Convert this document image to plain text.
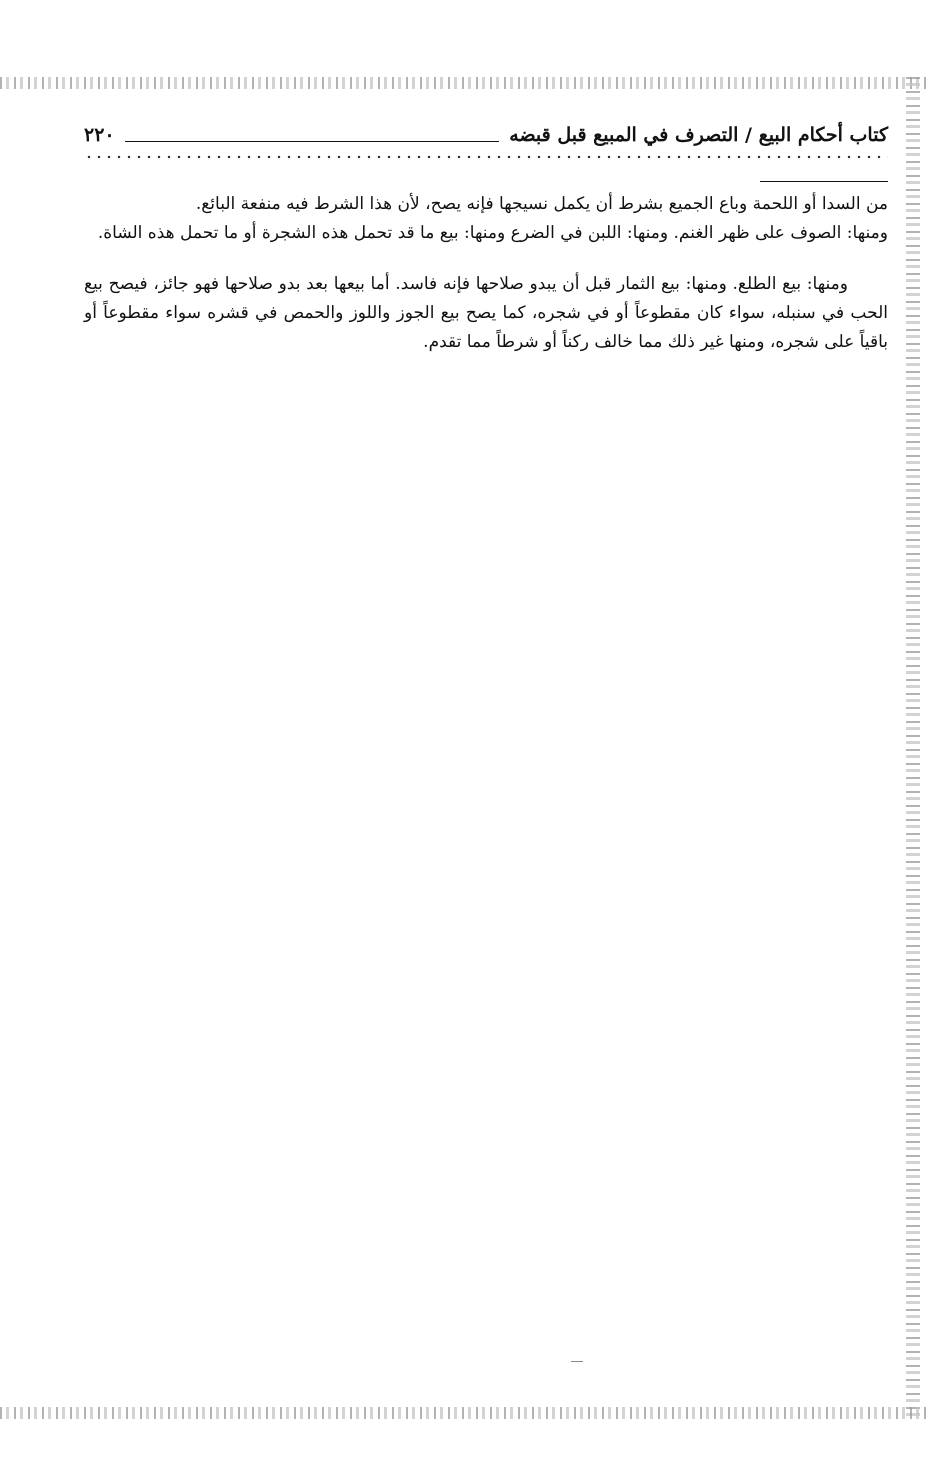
كتاب أحكام البيع / التصرف في المبيع قبل قبضه
٢٢٠

من السدا أو اللحمة وباع الجميع بشرط أن يكمل نسيجها فإنه يصح، لأن هذا الشرط فيه منفعة البائع.

ومنها: الصوف على ظهر الغنم. ومنها: اللبن في الضرع ومنها: بيع ما قد تحمل هذه الشجرة أو ما تحمل هذه الشاة.

ومنها: بيع الطلع. ومنها: بيع الثمار قبل أن يبدو صلاحها فإنه فاسد. أما بيعها بعد بدو صلاحها فهو جائز، فيصح بيع الحب في سنبله، سواء كان مقطوعاً أو في شجره، كما يصح بيع الجوز واللوز والحمص في قشره سواء مقطوعاً أو باقياً على شجره، ومنها غير ذلك مما خالف ركناً أو شرطاً مما تقدم.
